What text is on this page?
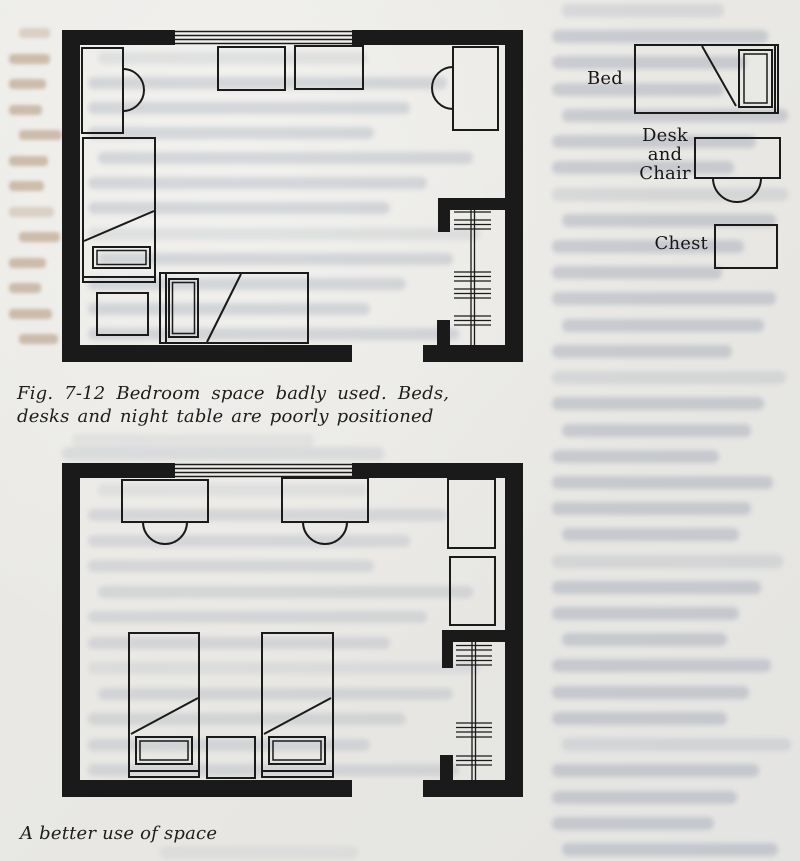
Bed
Desk
and
Chair
Chest
Fig. 7-12 Bedroom space badly used. Beds,
desks and night table are poorly positioned
A better use of space
